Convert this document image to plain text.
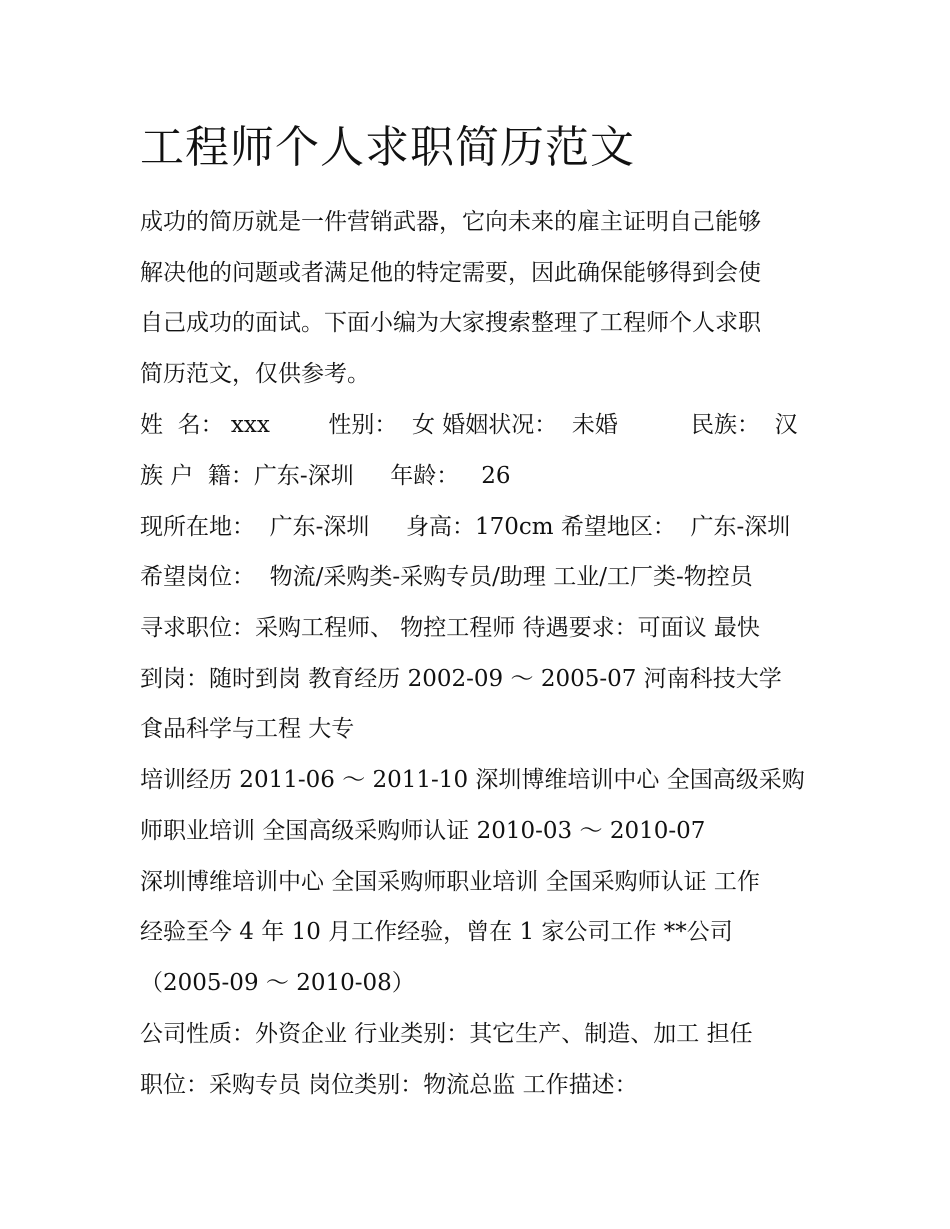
工程师个人求职简历范文

成功的简历就是一件营销武器，它向未来的雇主证明自己能够

解决他的问题或者满足他的特定需要，因此确保能够得到会使

自己成功的面试。下面小编为大家搜索整理了工程师个人求职

简历范文，仅供参考。

姓  名： xxx        性别：  女 婚姻状况：  未婚          民族：  汉

族 户  籍：广东-深圳     年龄：   26

现所在地：  广东-深圳     身高：170cm 希望地区：  广东-深圳

希望岗位：  物流/采购类-采购专员/助理 工业/工厂类-物控员

寻求职位：采购工程师、 物控工程师 待遇要求：可面议 最快

到岗：随时到岗 教育经历 2002-09 ～ 2005-07 河南科技大学

食品科学与工程 大专

培训经历 2011-06 ～ 2011-10 深圳博维培训中心 全国高级采购

师职业培训 全国高级采购师认证 2010-03 ～ 2010-07

深圳博维培训中心 全国采购师职业培训 全国采购师认证 工作

经验至今 4 年 10 月工作经验，曾在 1 家公司工作 **公司

（2005-09 ～ 2010-08）

公司性质：外资企业 行业类别：其它生产、制造、加工 担任

职位：采购专员 岗位类别：物流总监 工作描述：
